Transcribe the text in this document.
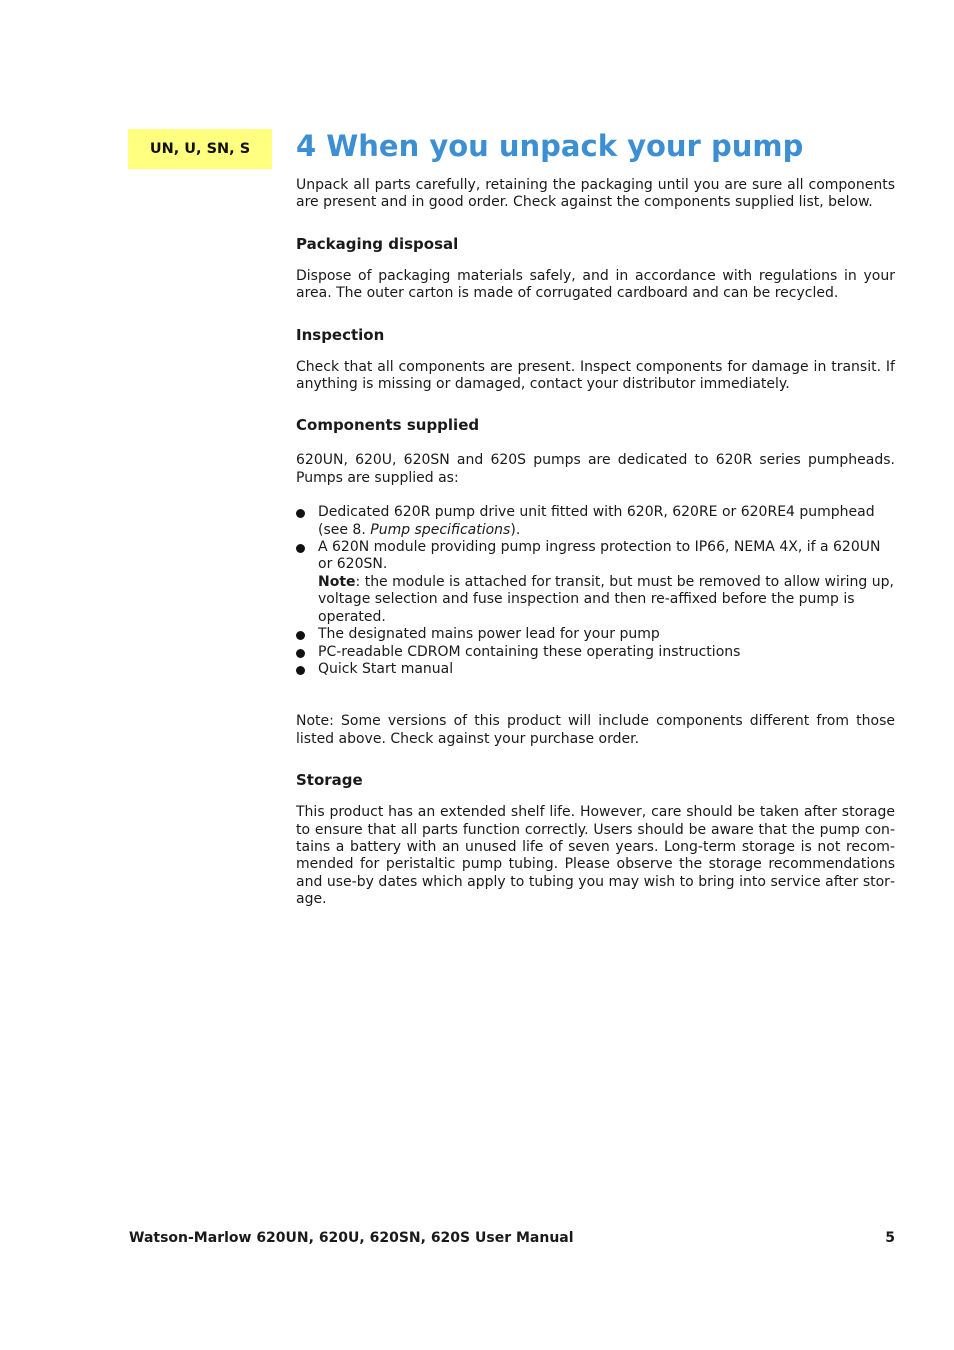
UN, U, SN, S	4 When you unpack your pump

Unpack all parts carefully, retaining the packaging until you are sure all components are present and in good order. Check against the components supplied list, below.

Packaging disposal

Dispose of packaging materials safely, and in accordance with regulations in your area. The outer carton is made of corrugated cardboard and can be recycled.

Inspection

Check that all components are present. Inspect components for damage in transit. If anything is missing or damaged, contact your distributor immediately.

Components supplied

620UN, 620U, 620SN and 620S pumps are dedicated to 620R series pumpheads. Pumps are supplied as:

Dedicated 620R pump drive unit fitted with 620R, 620RE or 620RE4 pumphead (see 8. Pump specifications).
A 620N module providing pump ingress protection to IP66, NEMA 4X, if a 620UN or 620SN.
Note: the module is attached for transit, but must be removed to allow wiring up, voltage selection and fuse inspection and then re-affixed before the pump is operated.
The designated mains power lead for your pump
PC-readable CDROM containing these operating instructions
Quick Start manual

Note: Some versions of this product will include components different from those listed above. Check against your purchase order.

Storage

This product has an extended shelf life. However, care should be taken after storage to ensure that all parts function correctly. Users should be aware that the pump contains a battery with an unused life of seven years. Long-term storage is not recommended for peristaltic pump tubing. Please observe the storage recommendations and use-by dates which apply to tubing you may wish to bring into service after storage.

Watson-Marlow 620UN, 620U, 620SN, 620S User Manual	5
